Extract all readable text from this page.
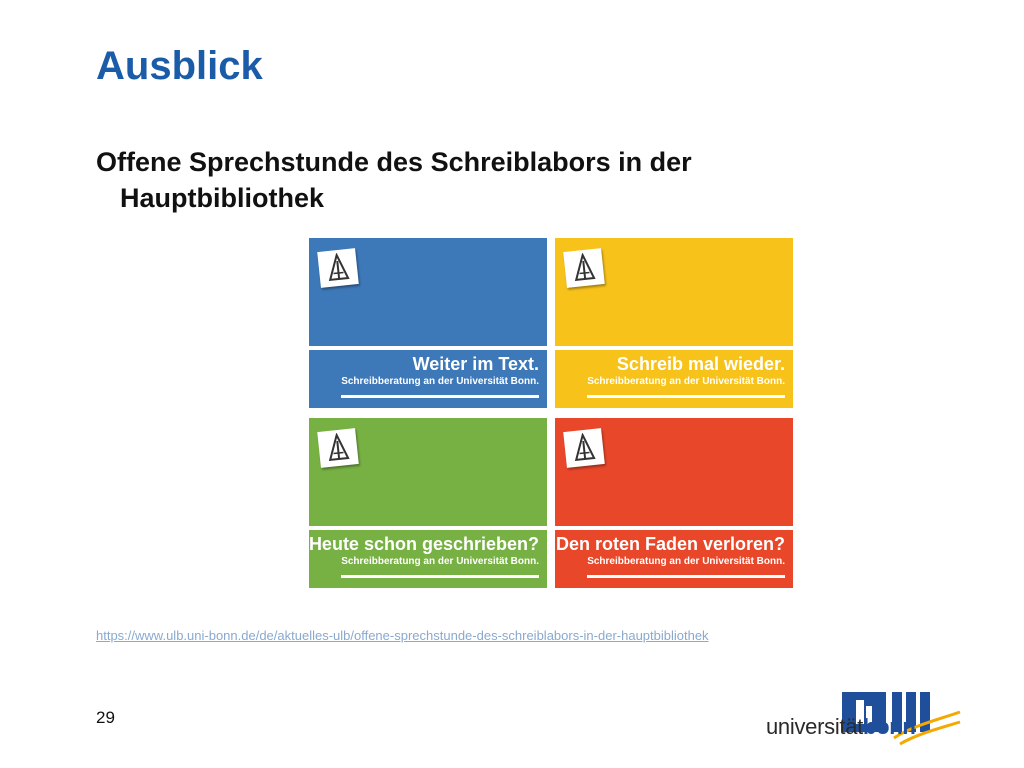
Ausblick
Offene Sprechstunde des Schreiblabors in der
Hauptbibliothek
Weiter im Text.
Schreibberatung an der Universität Bonn.
Schreib mal wieder.
Schreibberatung an der Universität Bonn.
Heute schon geschrieben?
Schreibberatung an der Universität Bonn.
Den roten Faden verloren?
Schreibberatung an der Universität Bonn.
https://www.ulb.uni-bonn.de/de/aktuelles-ulb/offene-sprechstunde-des-schreiblabors-in-der-hauptbibliothek
29	universitätbonn
